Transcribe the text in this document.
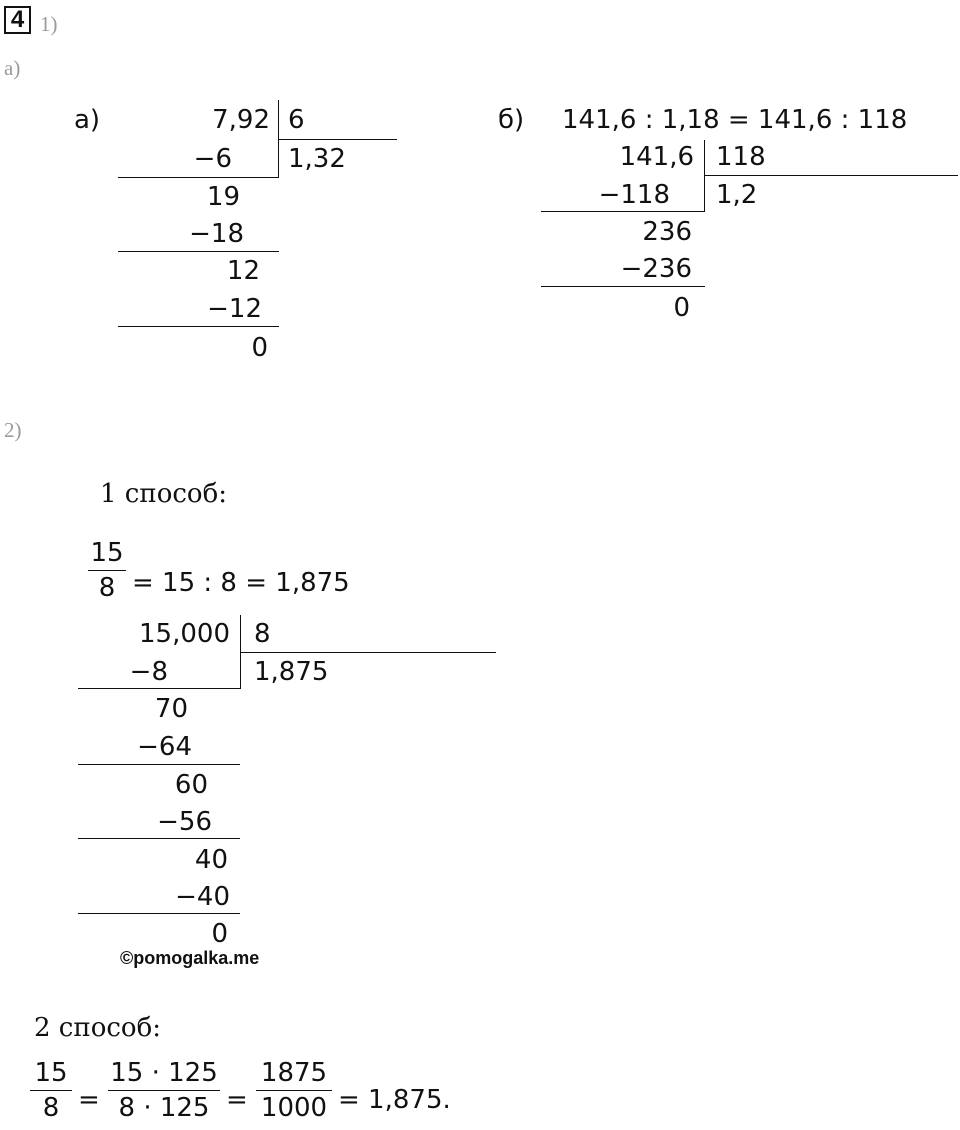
4 1)
а)
а)	7,92 6
1,32
−6
19
−18
12
−12
0
б) 141,6 : 1,18 = 141,6 : 118
141,6 118
1,2
−118
236
−236
0
2)
1 способ:
15
8 = 15 : 8 = 1,875
15,000 8
1,875
−8
70
−64
60
−56
40
−40
0
©pomogalka.me
2 способ:
15
8 =
15 · 125
8 · 125 =
1875
1000 = 1,875.
